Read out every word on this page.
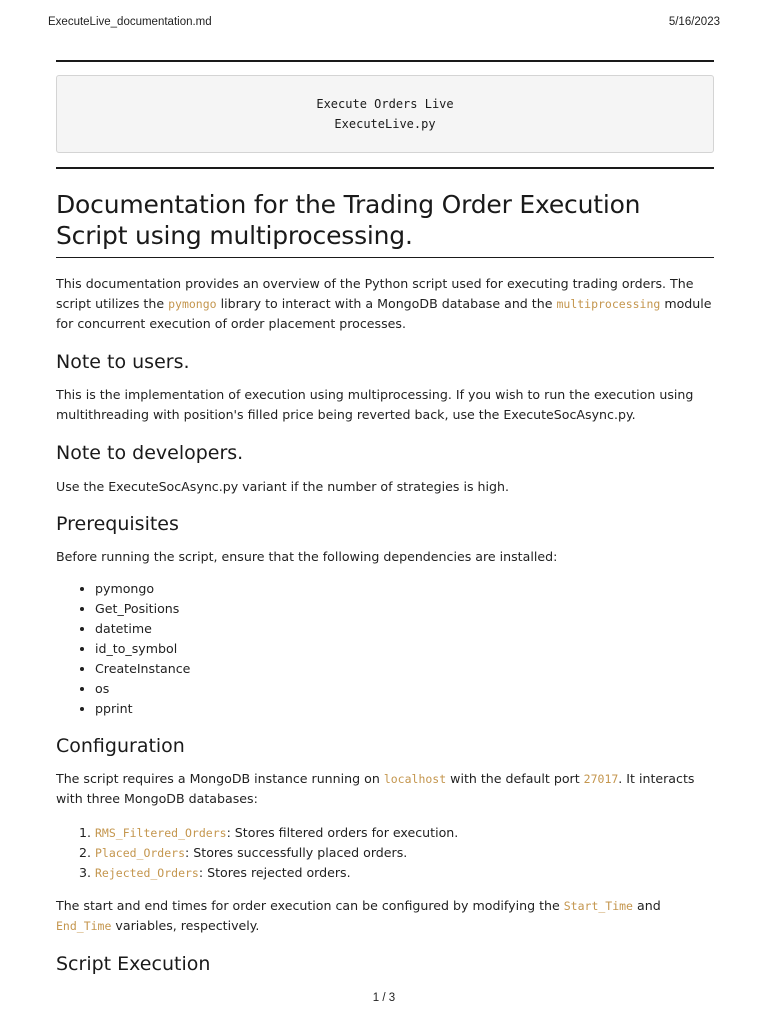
ExecuteLive_documentation.md	5/16/2023
Execute Orders Live
ExecuteLive.py
Documentation for the Trading Order Execution Script using multiprocessing.

This documentation provides an overview of the Python script used for executing trading orders. The script utilizes the pymongo library to interact with a MongoDB database and the multiprocessing module for concurrent execution of order placement processes.

Note to users.

This is the implementation of execution using multiprocessing. If you wish to run the execution using multithreading with position's filled price being reverted back, use the ExecuteSocAsync.py.

Note to developers.

Use the ExecuteSocAsync.py variant if the number of strategies is high.

Prerequisites

Before running the script, ensure that the following dependencies are installed:

• pymongo
• Get_Positions
• datetime
• id_to_symbol
• CreateInstance
• os
• pprint
Configuration

The script requires a MongoDB instance running on localhost with the default port 27017. It interacts with three MongoDB databases:

1. RMS_Filtered_Orders: Stores filtered orders for execution.
2. Placed_Orders: Stores successfully placed orders.
3. Rejected_Orders: Stores rejected orders.

The start and end times for order execution can be configured by modifying the Start_Time and End_Time variables, respectively.

Script Execution
1 / 3
